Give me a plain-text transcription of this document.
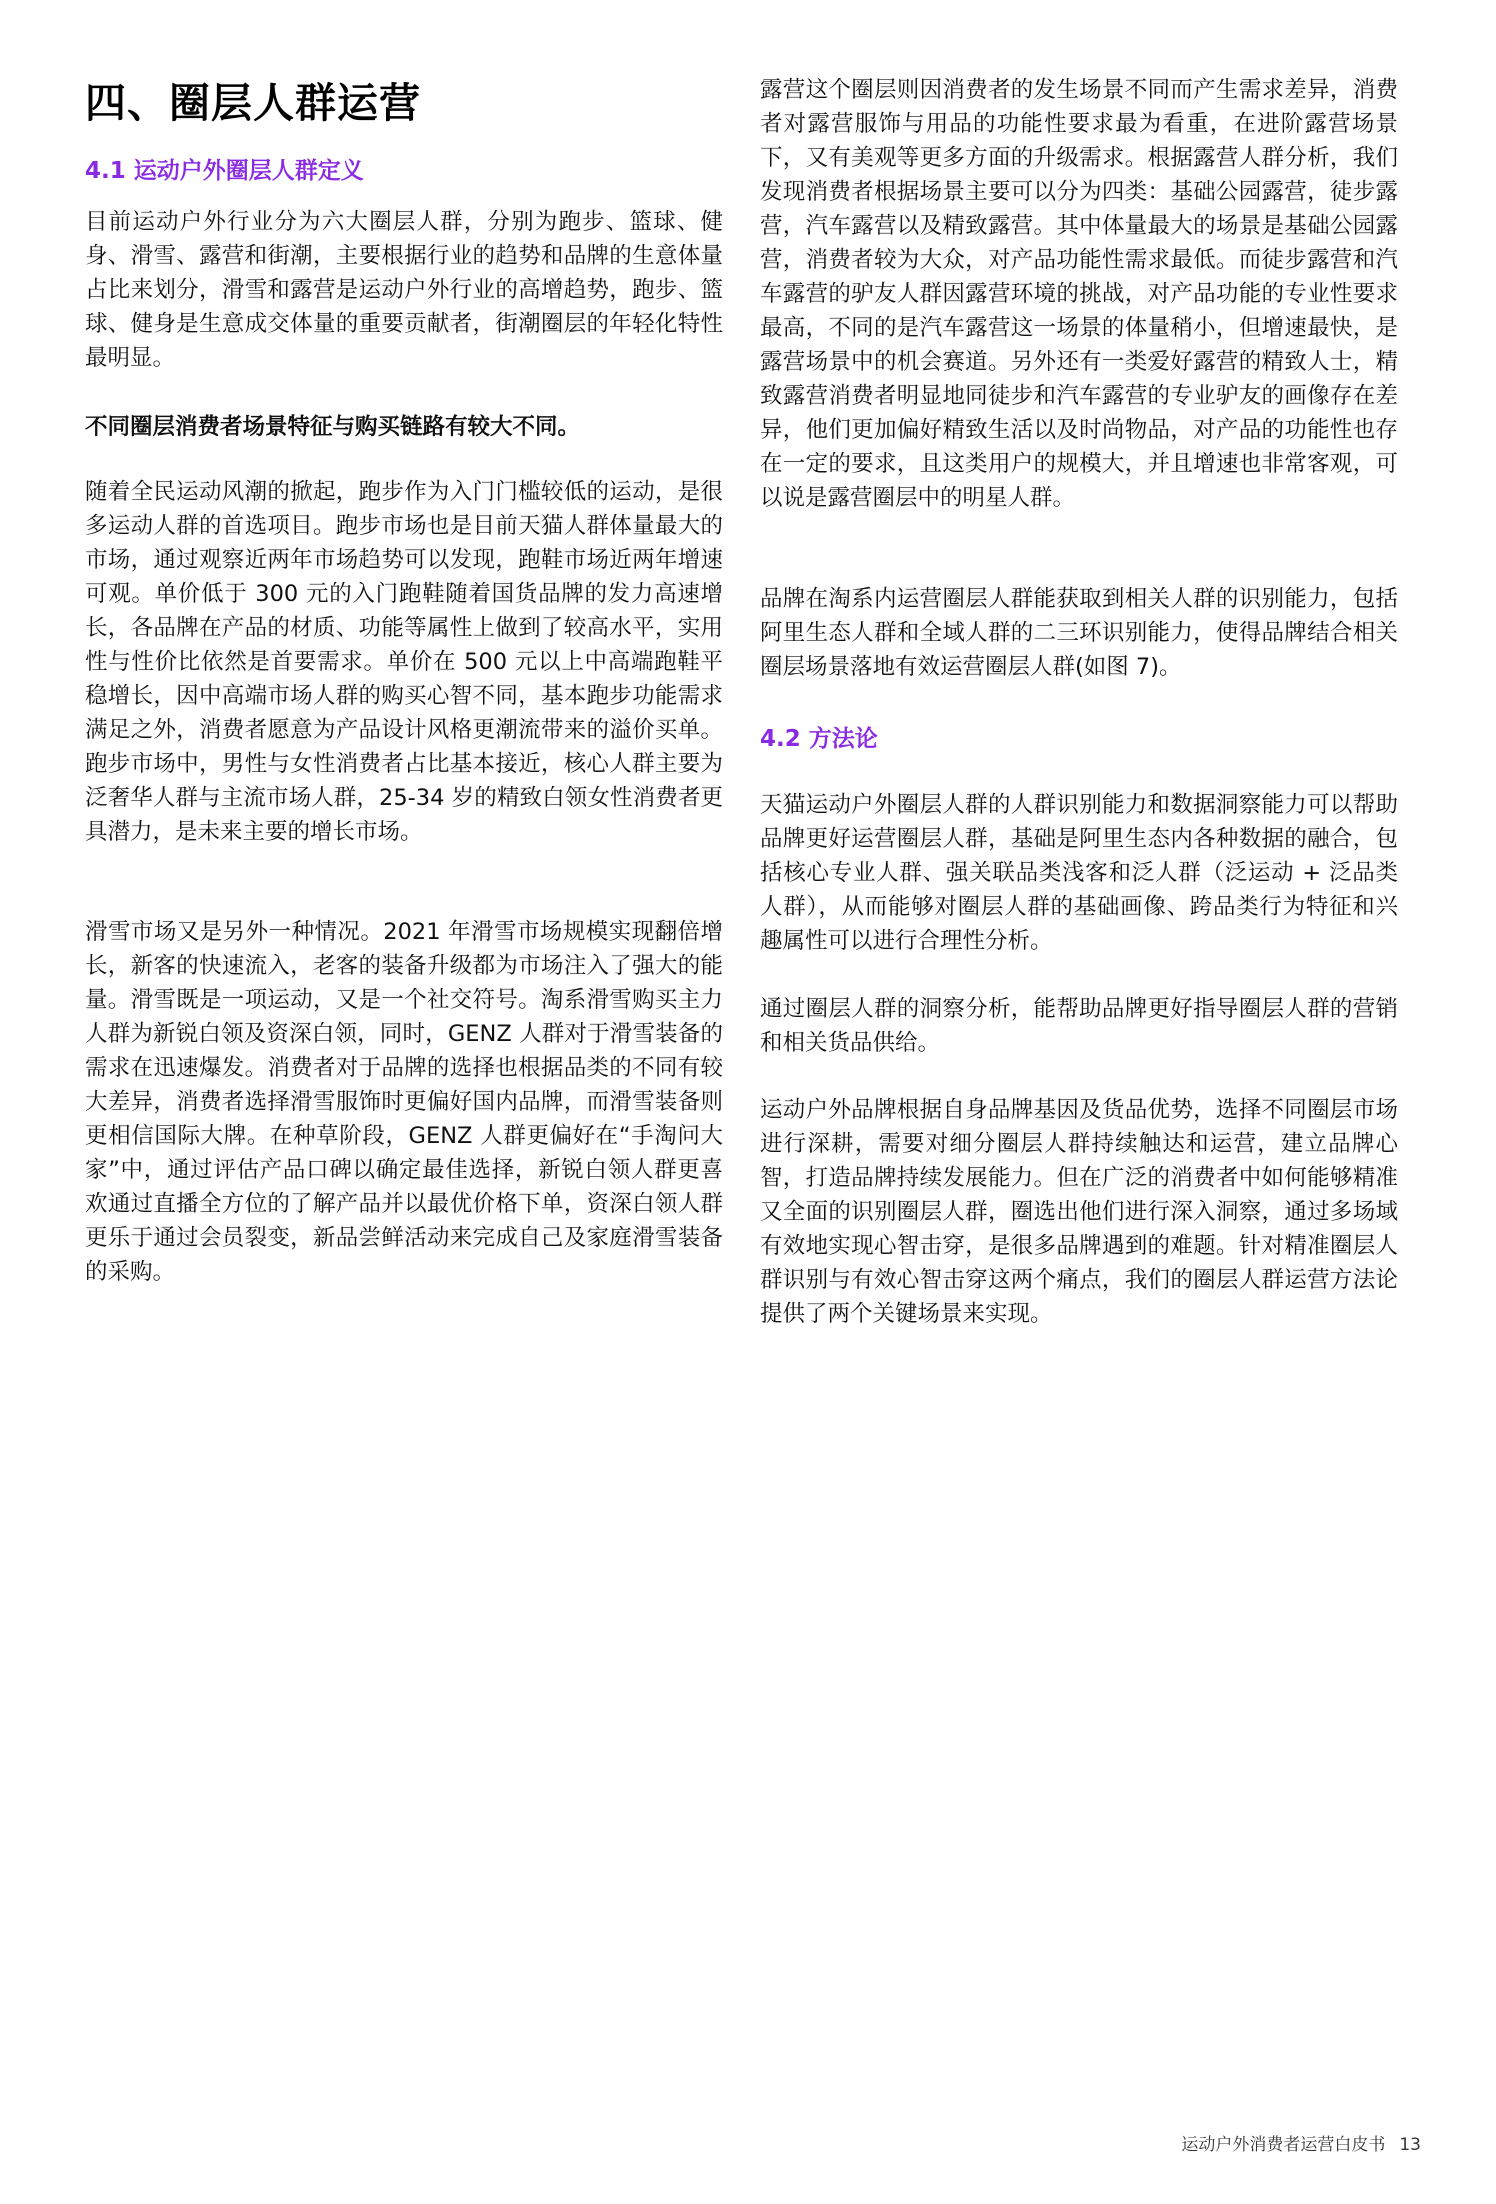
四、圈层人群运营
4.1 运动户外圈层人群定义

目前运动户外行业分为六大圈层人群，分别为跑步、篮球、健身、滑雪、露营和街潮，主要根据行业的趋势和品牌的生意体量占比来划分，滑雪和露营是运动户外行业的高增趋势，跑步、篮球、健身是生意成交体量的重要贡献者，街潮圈层的年轻化特性最明显。

不同圈层消费者场景特征与购买链路有较大不同。

随着全民运动风潮的掀起，跑步作为入门门槛较低的运动，是很多运动人群的首选项目。跑步市场也是目前天猫人群体量最大的市场，通过观察近两年市场趋势可以发现，跑鞋市场近两年增速可观。单价低于 300 元的入门跑鞋随着国货品牌的发力高速增长，各品牌在产品的材质、功能等属性上做到了较高水平，实用性与性价比依然是首要需求。单价在 500 元以上中高端跑鞋平稳增长，因中高端市场人群的购买心智不同，基本跑步功能需求满足之外，消费者愿意为产品设计风格更潮流带来的溢价买单。跑步市场中，男性与女性消费者占比基本接近，核心人群主要为泛奢华人群与主流市场人群，25-34 岁的精致白领女性消费者更具潜力，是未来主要的增长市场。

滑雪市场又是另外一种情况。2021 年滑雪市场规模实现翻倍增长，新客的快速流入，老客的装备升级都为市场注入了强大的能量。滑雪既是一项运动，又是一个社交符号。淘系滑雪购买主力人群为新锐白领及资深白领，同时，GENZ 人群对于滑雪装备的需求在迅速爆发。消费者对于品牌的选择也根据品类的不同有较大差异，消费者选择滑雪服饰时更偏好国内品牌，而滑雪装备则更相信国际大牌。在种草阶段，GENZ 人群更偏好在“手淘问大家”中，通过评估产品口碑以确定最佳选择，新锐白领人群更喜欢通过直播全方位的了解产品并以最优价格下单，资深白领人群更乐于通过会员裂变，新品尝鲜活动来完成自己及家庭滑雪装备的采购。

露营这个圈层则因消费者的发生场景不同而产生需求差异，消费者对露营服饰与用品的功能性要求最为看重，在进阶露营场景下，又有美观等更多方面的升级需求。根据露营人群分析，我们发现消费者根据场景主要可以分为四类：基础公园露营，徒步露营，汽车露营以及精致露营。其中体量最大的场景是基础公园露营，消费者较为大众，对产品功能性需求最低。而徒步露营和汽车露营的驴友人群因露营环境的挑战，对产品功能的专业性要求最高，不同的是汽车露营这一场景的体量稍小，但增速最快，是露营场景中的机会赛道。另外还有一类爱好露营的精致人士，精致露营消费者明显地同徒步和汽车露营的专业驴友的画像存在差异，他们更加偏好精致生活以及时尚物品，对产品的功能性也存在一定的要求，且这类用户的规模大，并且增速也非常客观，可以说是露营圈层中的明星人群。

品牌在淘系内运营圈层人群能获取到相关人群的识别能力，包括阿里生态人群和全域人群的二三环识别能力，使得品牌结合相关圈层场景落地有效运营圈层人群(如图 7)。

4.2 方法论

天猫运动户外圈层人群的人群识别能力和数据洞察能力可以帮助品牌更好运营圈层人群，基础是阿里生态内各种数据的融合，包括核心专业人群、强关联品类浅客和泛人群（泛运动 + 泛品类人群），从而能够对圈层人群的基础画像、跨品类行为特征和兴趣属性可以进行合理性分析。

通过圈层人群的洞察分析，能帮助品牌更好指导圈层人群的营销和相关货品供给。

运动户外品牌根据自身品牌基因及货品优势，选择不同圈层市场进行深耕，需要对细分圈层人群持续触达和运营，建立品牌心智，打造品牌持续发展能力。但在广泛的消费者中如何能够精准又全面的识别圈层人群，圈选出他们进行深入洞察，通过多场域有效地实现心智击穿，是很多品牌遇到的难题。针对精准圈层人群识别与有效心智击穿这两个痛点，我们的圈层人群运营方法论提供了两个关键场景来实现。

运动户外消费者运营白皮书 13
